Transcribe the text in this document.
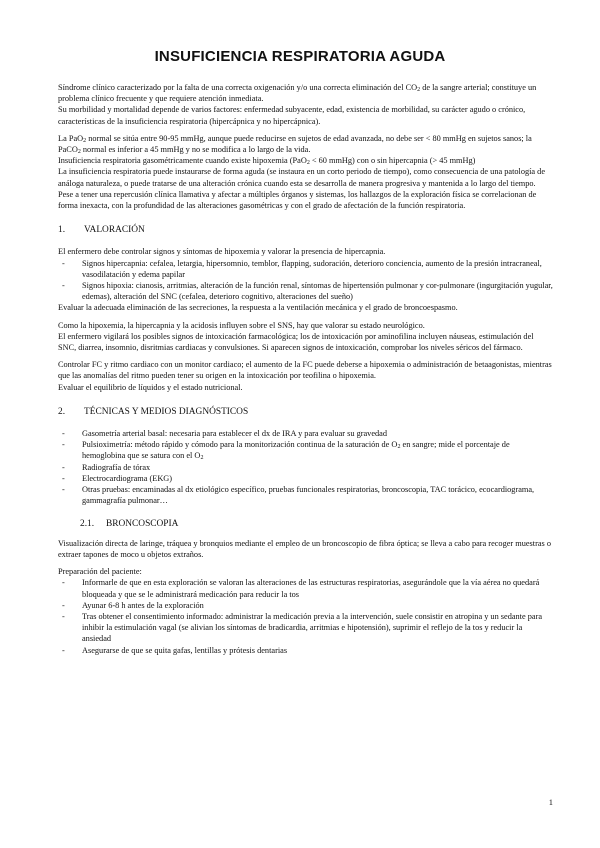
INSUFICIENCIA RESPIRATORIA AGUDA

Síndrome clínico caracterizado por la falta de una correcta oxigenación y/o una correcta eliminación del $CO_2$ de la sangre arterial; constituye un problema clínico frecuente y que requiere atención inmediata.

Su morbilidad y mortalidad depende de varios factores: enfermedad subyacente, edad, existencia de morbilidad, su carácter agudo o crónico, características de la insuficiencia respiratoria (hipercápnica y no hipercápnica).

La PaO$_2$ normal se sitúa entre 90-95 mmHg, aunque puede reducirse en sujetos de edad avanzada, no debe ser < 80 mmHg en sujetos sanos; la PaCO$_2$ normal es inferior a 45 mmHg y no se modifica a lo largo de la vida.

Insuficiencia respiratoria gasométricamente cuando existe hipoxemia (PaO$_2$ < 60 mmHg) con o sin hipercapnia (> 45 mmHg)

La insuficiencia respiratoria puede instaurarse de forma aguda (se instaura en un corto periodo de tiempo), como consecuencia de una patología de análoga naturaleza, o puede tratarse de una alteración crónica cuando esta se desarrolla de manera progresiva y mantenida a lo largo del tiempo.

Pese a tener una repercusión clínica llamativa y afectar a múltiples órganos y sistemas, los hallazgos de la exploración física se correlacionan de forma inexacta, con la profundidad de las alteraciones gasométricas y con el grado de afectación de la función respiratoria.

1. VALORACIÓN

El enfermero debe controlar signos y síntomas de hipoxemia y valorar la presencia de hipercapnia.

- Signos hipercapnia: cefalea, letargia, hipersomnio, temblor, flapping, sudoración, deterioro conciencia, aumento de la presión intracraneal, vasodilatación y edema papilar
- Signos hipoxia: cianosis, arritmias, alteración de la función renal, síntomas de hipertensión pulmonar y cor-pulmonare (ingurgitación yugular, edemas), alteración del SNC (cefalea, deterioro cognitivo, alteraciones del sueño)

Evaluar la adecuada eliminación de las secreciones, la respuesta a la ventilación mecánica y el grado de broncoespasmo.

Como la hipoxemia, la hipercapnia y la acidosis influyen sobre el SNS, hay que valorar su estado neurológico.

El enfermero vigilará los posibles signos de intoxicación farmacológica; los de intoxicación por aminofilina incluyen náuseas, estimulación del SNC, diarrea, insomnio, disritmias cardiacas y convulsiones. Si aparecen signos de intoxicación, comprobar los niveles séricos del fármaco.

Controlar FC y ritmo cardiaco con un monitor cardiaco; el aumento de la FC puede deberse a hipoxemia o administración de betaagonistas, mientras que las anomalías del ritmo pueden tener su origen en la intoxicación por teofilina o hipoxemia.

Evaluar el equilibrio de líquidos y el estado nutricional.

2. TÉCNICAS Y MEDIOS DIAGNÓSTICOS
- Gasometría arterial basal: necesaria para establecer el dx de IRA y para evaluar su gravedad
- Pulsioximetría: método rápido y cómodo para la monitorización continua de la saturación de $O_2$ en sangre; mide el porcentaje de hemoglobina que se satura con el $O_2$
- Radiografía de tórax
- Electrocardiograma (EKG)
- Otras pruebas: encaminadas al dx etiológico específico, pruebas funcionales respiratorias, broncoscopia, TAC torácico, ecocardiograma, gammagrafía pulmonar…
2.1. BRONCOSCOPIA

Visualización directa de laringe, tráquea y bronquios mediante el empleo de un broncoscopio de fibra óptica; se lleva a cabo para recoger muestras o extraer tapones de moco u objetos extraños.

Preparación del paciente:

- Informarle de que en esta exploración se valoran las alteraciones de las estructuras respiratorias, asegurándole que la vía aérea no quedará bloqueada y que se le administrará medicación para reducir la tos
- Ayunar 6-8 h antes de la exploración
- Tras obtener el consentimiento informado: administrar la medicación previa a la intervención, suele consistir en atropina y un sedante para inhibir la estimulación vagal (se alivian los síntomas de bradicardia, arritmias e hipotensión), suprimir el reflejo de la tos y reducir la ansiedad
- Asegurarse de que se quita gafas, lentillas y prótesis dentarias
1
